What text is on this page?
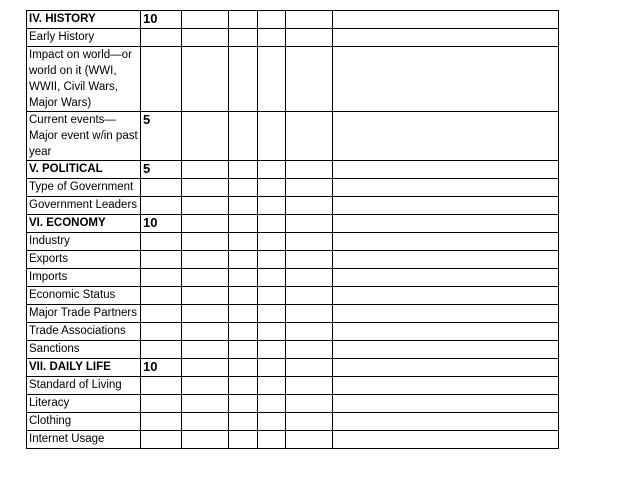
IV. HISTORY	10					
Early History						
Impact on world—or world on it (WWI, WWII, Civil Wars, Major Wars)						
Current events— Major event w/in past year	5					
V. POLITICAL	5					
Type of Government						
Government Leaders						
VI. ECONOMY	10					
Industry						
Exports						
Imports						
Economic Status						
Major Trade Partners						
Trade Associations						
Sanctions						
VII. DAILY LIFE	10					
Standard of Living						
Literacy						
Clothing						
Internet Usage						
